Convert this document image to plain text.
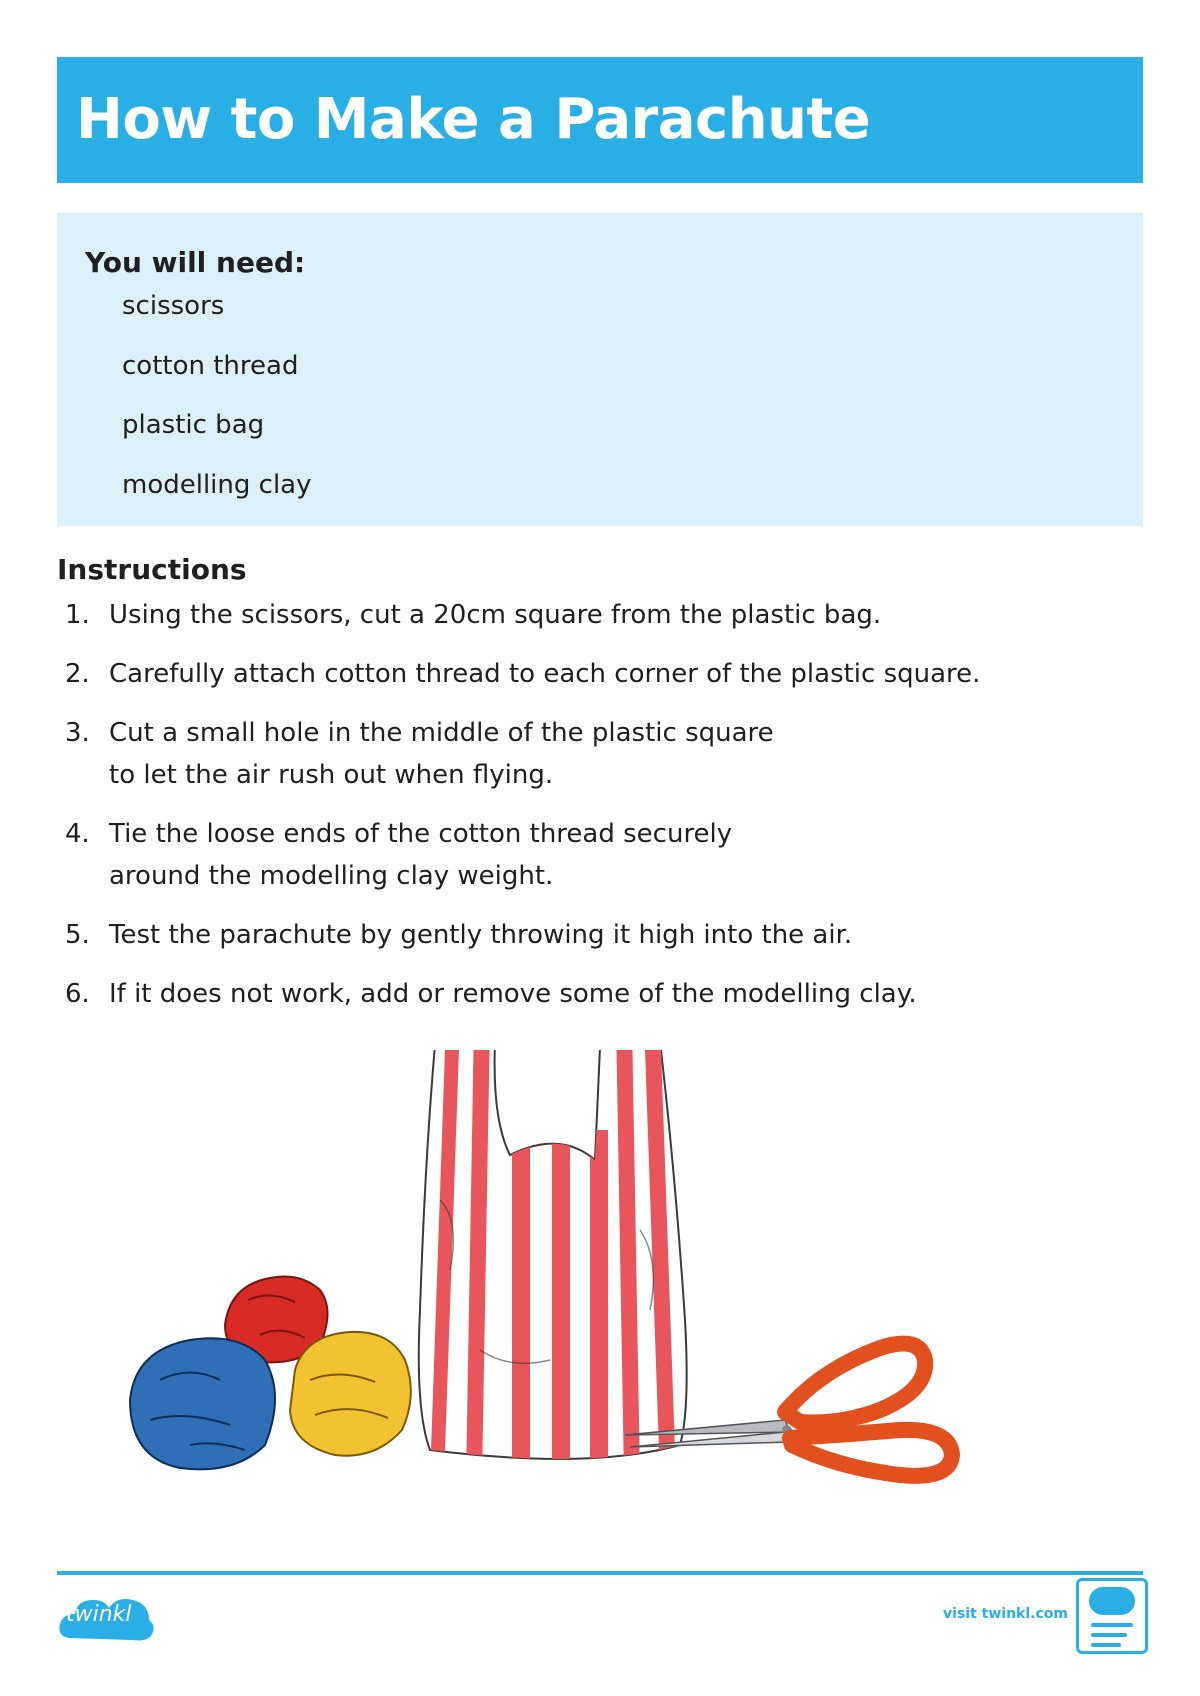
How to Make a Parachute
You will need:
scissors
cotton thread
plastic bag
modelling clay
Instructions
1. Using the scissors, cut a 20cm square from the plastic bag.
2. Carefully attach cotton thread to each corner of the plastic square.
3. Cut a small hole in the middle of the plastic square
to let the air rush out when flying.
4. Tie the loose ends of the cotton thread securely
around the modelling clay weight.
5. Test the parachute by gently throwing it high into the air.
6. If it does not work, add or remove some of the modelling clay.
twinkl	visit twinkl.com
